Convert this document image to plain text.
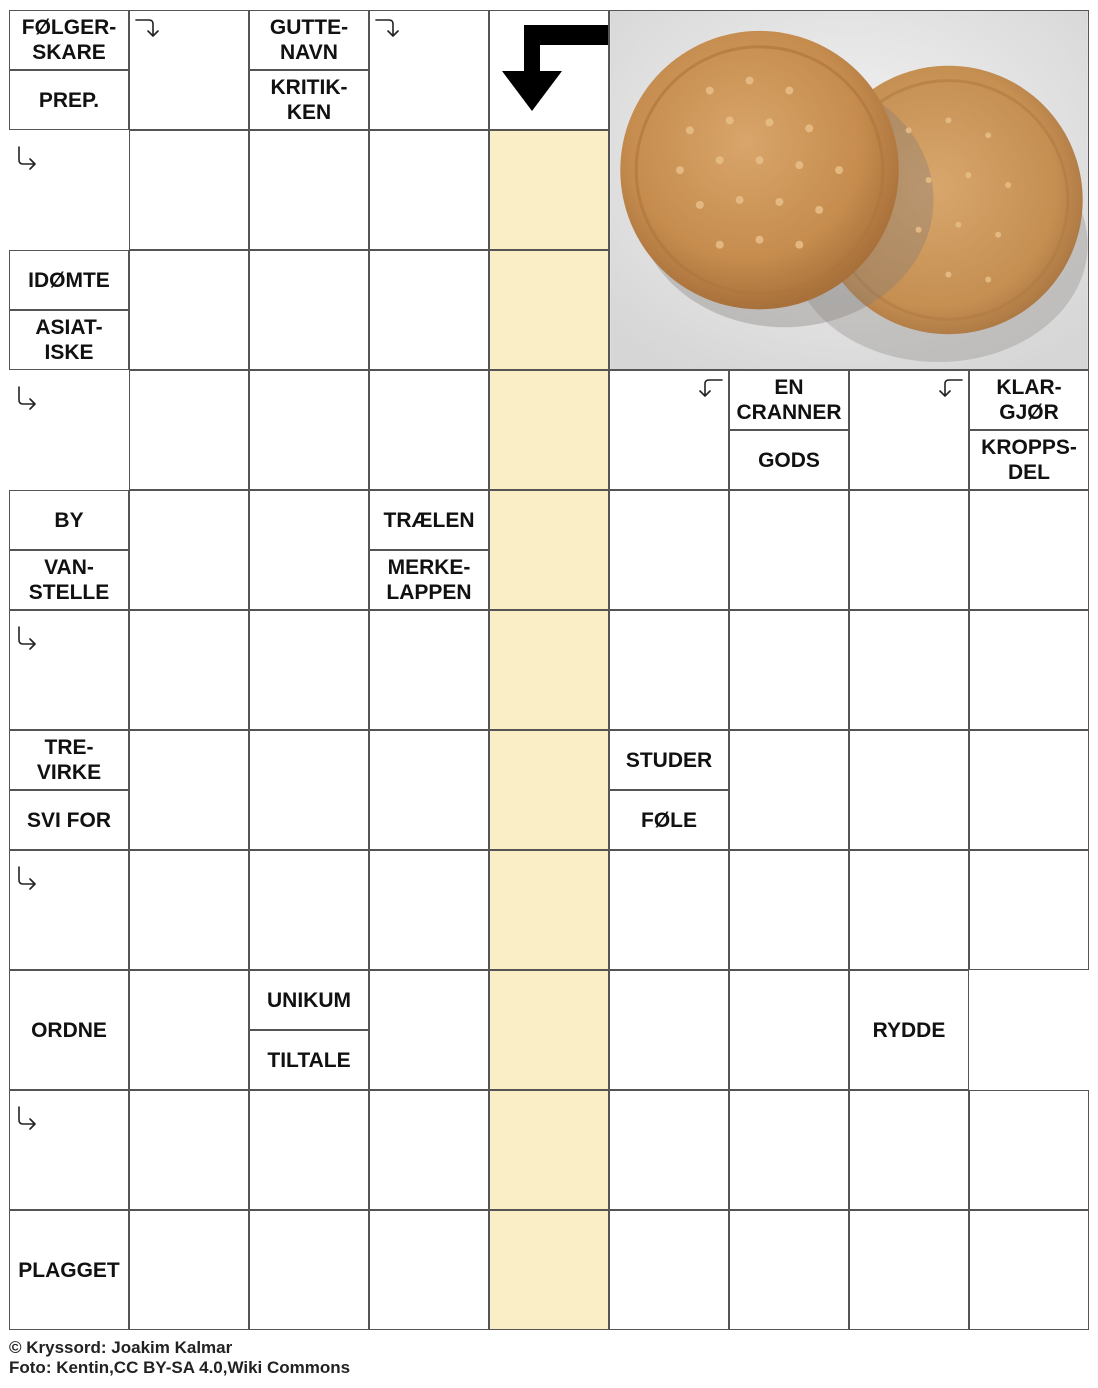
FØLGER-
SKARE
PREP.
GUTTE-
NAVN
KRITIK-
KEN
IDØMTE
ASIAT-
ISKE
EN
CRANNER
GODS
KLAR-
GJØR
KROPPS-
DEL
BY
VAN-
STELLE
TRÆLEN
MERKE-
LAPPEN
TRE-
VIRKE
SVI FOR
STUDER
FØLE
ORDNE
UNIKUM
TILTALE
RYDDE
PLAGGET
© Kryssord: Joakim Kalmar
Foto: Kentin,CC BY-SA 4.0,Wiki Commons
